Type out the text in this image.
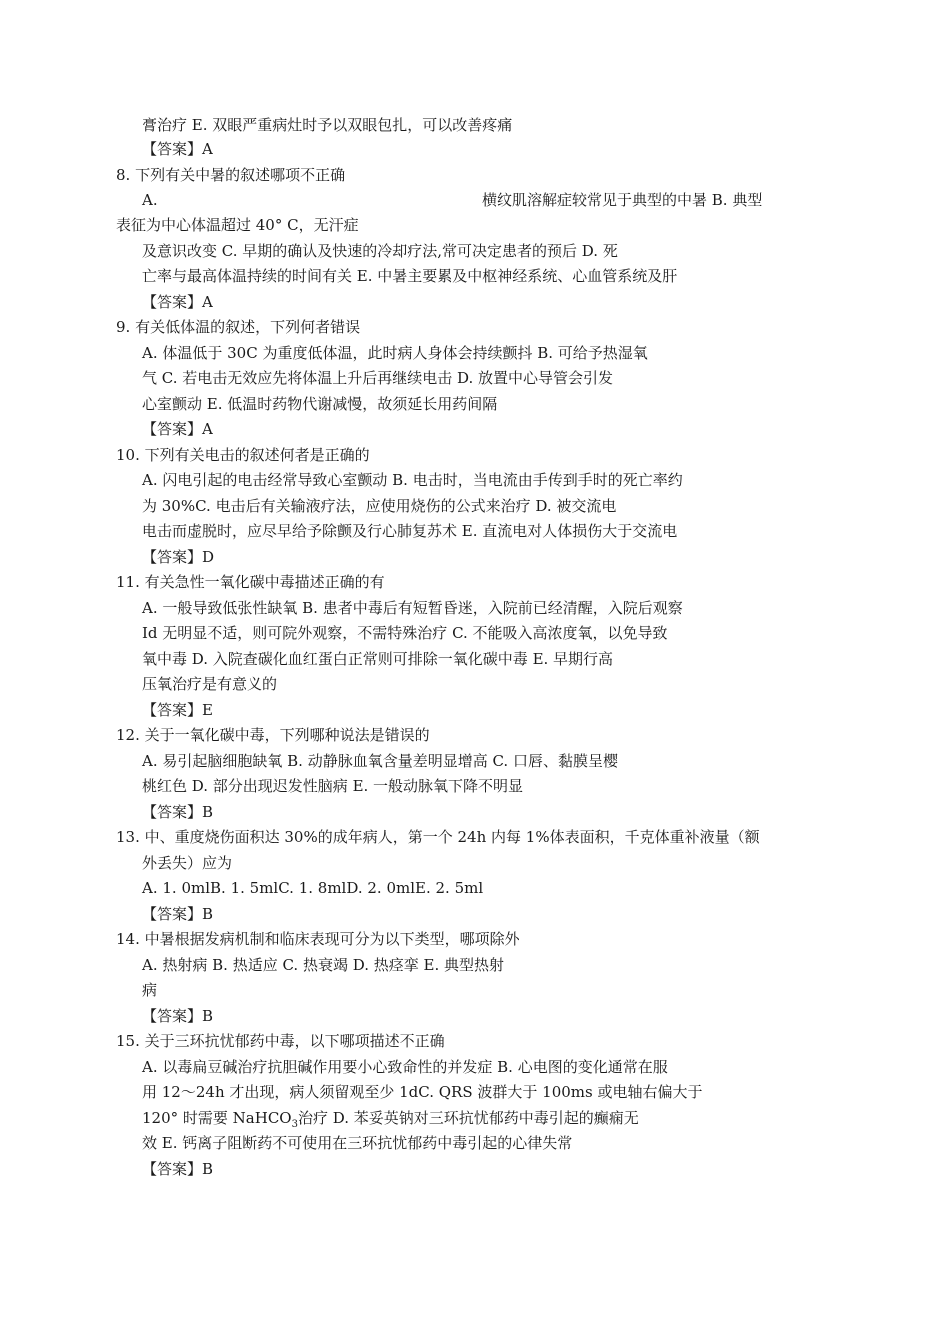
膏治疗 E. 双眼严重病灶时予以双眼包扎，可以改善疼痛
【答案】A
8. 下列有关中暑的叙述哪项不正确
A.	横纹肌溶解症较常见于典型的中暑 B. 典型
表征为中心体温超过 40° C，无汗症
及意识改变 C. 早期的确认及快速的冷却疗法,常可决定患者的预后 D. 死
亡率与最高体温持续的时间有关 E. 中暑主要累及中枢神经系统、心血管系统及肝
【答案】A
9. 有关低体温的叙述，下列何者错误
A. 体温低于 30C 为重度低体温，此时病人身体会持续颤抖 B. 可给予热湿氧
气 C. 若电击无效应先将体温上升后再继续电击 D. 放置中心导管会引发
心室颤动 E. 低温时药物代谢减慢，故须延长用药间隔
【答案】A
10. 下列有关电击的叙述何者是正确的
A. 闪电引起的电击经常导致心室颤动 B. 电击时，当电流由手传到手时的死亡率约
为 30%C. 电击后有关输液疗法，应使用烧伤的公式来治疗 D. 被交流电
电击而虚脱时，应尽早给予除颤及行心肺复苏术 E. 直流电对人体损伤大于交流电
【答案】D
11. 有关急性一氧化碳中毒描述正确的有
A. 一般导致低张性缺氧 B. 患者中毒后有短暂昏迷，入院前已经清醒，入院后观察
Id 无明显不适，则可院外观察，不需特殊治疗 C. 不能吸入高浓度氧，以免导致
氧中毒 D. 入院查碳化血红蛋白正常则可排除一氧化碳中毒 E. 早期行高
压氧治疗是有意义的
【答案】E
12. 关于一氧化碳中毒，下列哪种说法是错误的
A. 易引起脑细胞缺氧 B. 动静脉血氧含量差明显增高 C. 口唇、黏膜呈樱
桃红色 D. 部分出现迟发性脑病 E. 一般动脉氧下降不明显
【答案】B
13. 中、重度烧伤面积达 30%的成年病人，第一个 24h 内每 1%体表面积，千克体重补液量（额
外丢失）应为
A. 1. 0mlB. 1. 5mlC. 1. 8mlD. 2. 0mlE. 2. 5ml
【答案】B
14. 中暑根据发病机制和临床表现可分为以下类型，哪项除外
A. 热射病 B. 热适应 C. 热衰竭 D. 热痉挛 E. 典型热射
病
【答案】B
15. 关于三环抗忧郁药中毒，以下哪项描述不正确
A. 以毒扁豆碱治疗抗胆碱作用要小心致命性的并发症 B. 心电图的变化通常在服
用 12～24h 才出现，病人须留观至少 1dC. QRS 波群大于 100ms 或电轴右偏大于
120° 时需要 NaHCO$_3$治疗 D. 苯妥英钠对三环抗忧郁药中毒引起的癫痫无
效 E. 钙离子阻断药不可使用在三环抗忧郁药中毒引起的心律失常
【答案】B
